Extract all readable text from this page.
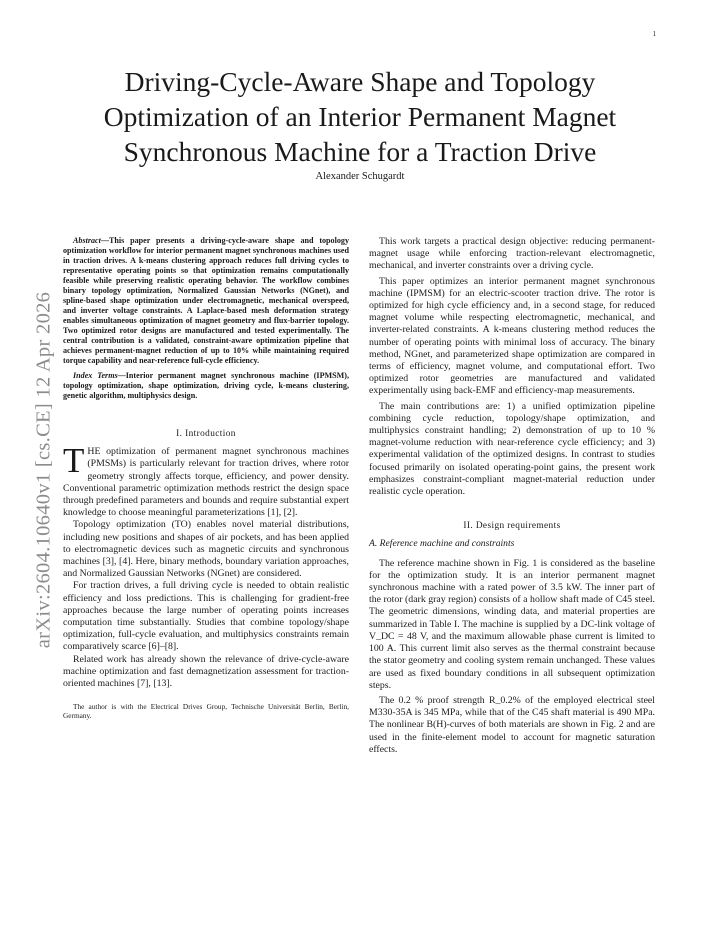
1
arXiv:2604.10640v1 [cs.CE] 12 Apr 2026
Driving-Cycle-Aware Shape and Topology
Optimization of an Interior Permanent Magnet
Synchronous Machine for a Traction Drive
Alexander Schugardt

Abstract—This paper presents a driving-cycle-aware shape and topology optimization workflow for interior permanent magnet synchronous machines used in traction drives. A k-means clustering approach reduces full driving cycles to representative operating points so that optimization remains computationally feasible while preserving realistic operating behavior. The workflow combines binary topology optimization, Normalized Gaussian Networks (NGnet), and spline-based shape optimization under electromagnetic, mechanical overspeed, and inverter voltage constraints. A Laplace-based mesh deformation strategy enables simultaneous optimization of magnet geometry and flux-barrier topology. Two optimized rotor designs are manufactured and tested experimentally. The central contribution is a validated, constraint-aware optimization pipeline that achieves permanent-magnet reduction of up to 10% while maintaining required torque capability and near-reference full-cycle efficiency.

Index Terms—Interior permanent magnet synchronous machine (IPMSM), topology optimization, shape optimization, driving cycle, k-means clustering, genetic algorithm, multiphysics design.

I. Introduction

THE optimization of permanent magnet synchronous machines (PMSMs) is particularly relevant for traction drives, where rotor geometry strongly affects torque, efficiency, and power density. Conventional parametric optimization methods restrict the design space through predefined parameters and bounds and require substantial expert knowledge to choose meaningful parameterizations [1], [2].

Topology optimization (TO) enables novel material distributions, including new positions and shapes of air pockets, and has been applied to electromagnetic devices such as magnetic circuits and synchronous machines [3], [4]. Here, binary methods, boundary variation approaches, and Normalized Gaussian Networks (NGnet) are considered.

For traction drives, a full driving cycle is needed to obtain realistic efficiency and loss predictions. This is challenging for gradient-free approaches because the large number of operating points increases computation time substantially. Studies that combine topology/shape optimization, full-cycle evaluation, and multiphysics constraints remain comparatively scarce [6]–[8].

Related work has already shown the relevance of drive-cycle-aware machine optimization and fast demagnetization assessment for traction-oriented machines [7], [13].

The author is with the Electrical Drives Group, Technische Universität Berlin, Berlin, Germany.

This work targets a practical design objective: reducing permanent-magnet usage while enforcing traction-relevant electromagnetic, mechanical, and inverter constraints over a driving cycle.

This paper optimizes an interior permanent magnet synchronous machine (IPMSM) for an electric-scooter traction drive. The rotor is optimized for high cycle efficiency and, in a second stage, for reduced magnet volume while respecting electromagnetic, mechanical, and inverter-related constraints. A k-means clustering method reduces the number of operating points with minimal loss of accuracy. The binary method, NGnet, and parameterized shape optimization are compared in terms of efficiency, magnet volume, and computational effort. Two optimized rotor geometries are manufactured and validated experimentally using back-EMF and efficiency-map measurements.

The main contributions are: 1) a unified optimization pipeline combining cycle reduction, topology/shape optimization, and multiphysics constraint handling; 2) demonstration of up to 10 % magnet-volume reduction with near-reference cycle efficiency; and 3) experimental validation of the optimized designs. In contrast to studies focused primarily on isolated operating-point gains, the present work emphasizes constraint-compliant magnet-material reduction under realistic cycle operation.

II. Design requirements
A. Reference machine and constraints

The reference machine shown in Fig. 1 is considered as the baseline for the optimization study. It is an interior permanent magnet synchronous machine with a rated power of 3.5 kW. The inner part of the rotor (dark gray region) consists of a hollow shaft made of C45 steel. The geometric dimensions, winding data, and material properties are summarized in Table I. The machine is supplied by a DC-link voltage of V_DC = 48 V, and the maximum allowable phase current is limited to 100 A. This current limit also serves as the thermal constraint because the stator geometry and cooling system remain unchanged. These values are used as fixed boundary conditions in all subsequent optimization steps.

The 0.2 % proof strength R_0.2% of the employed electrical steel M330-35A is 345 MPa, while that of the C45 shaft material is 490 MPa. The nonlinear B(H)-curves of both materials are shown in Fig. 2 and are used in the finite-element model to account for magnetic saturation effects.
